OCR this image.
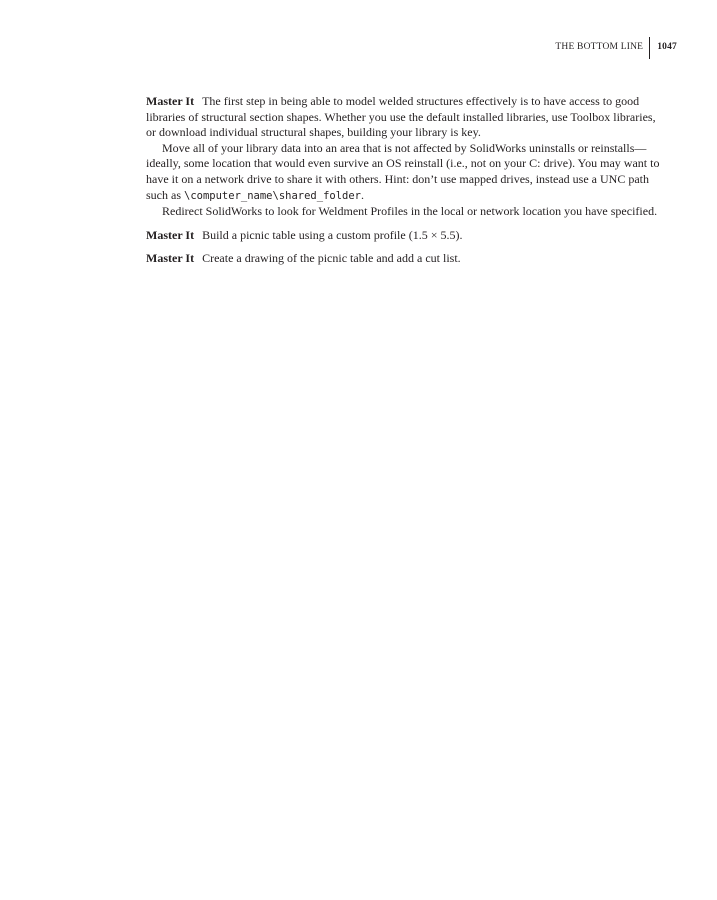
THE BOTTOM LINE	1047

Master It The first step in being able to model welded structures effectively is to have access to good libraries of structural section shapes. Whether you use the default installed libraries, use Toolbox libraries, or download individual structural shapes, building your library is key.

Move all of your library data into an area that is not affected by SolidWorks uninstalls or reinstalls—ideally, some location that would even survive an OS reinstall (i.e., not on your C: drive). You may want to have it on a network drive to share it with others. Hint: don’t use mapped drives, instead use a UNC path such as \computer_name\shared_folder.

Redirect SolidWorks to look for Weldment Profiles in the local or network location you have specified.

Master It Build a picnic table using a custom profile (1.5 × 5.5).

Master It Create a drawing of the picnic table and add a cut list.
